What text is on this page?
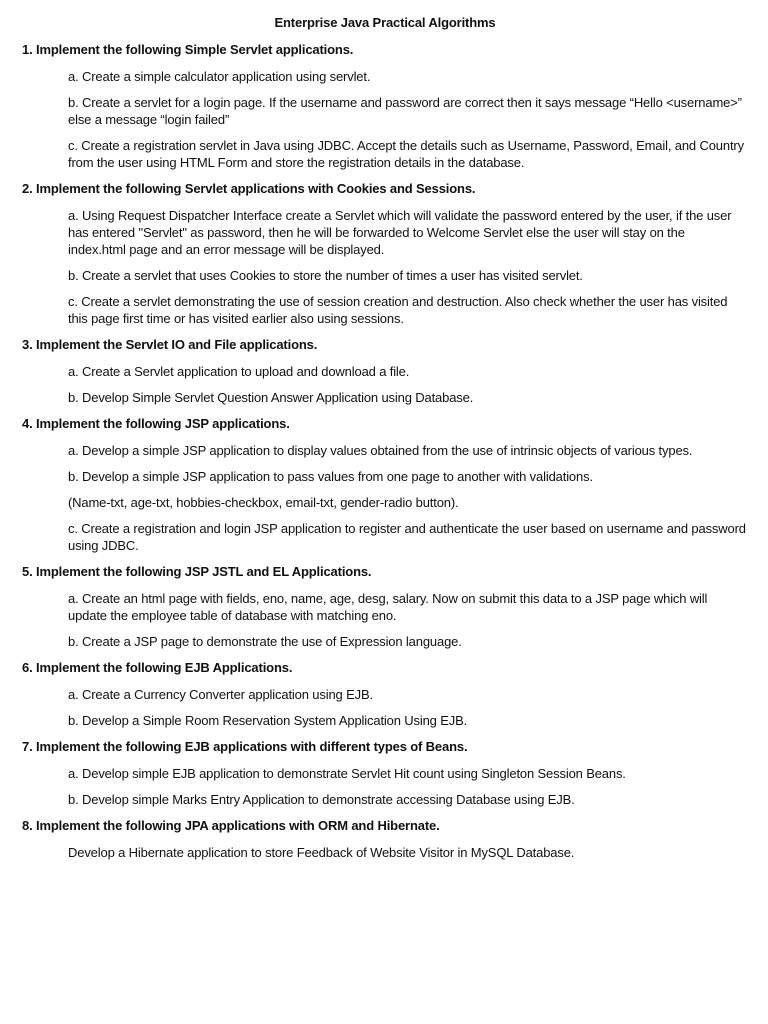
Enterprise Java Practical Algorithms
1. Implement the following Simple Servlet applications.
a. Create a simple calculator application using servlet.
b. Create a servlet for a login page. If the username and password are correct then it says message “Hello <username>” else a message “login failed”
c. Create a registration servlet in Java using JDBC. Accept the details such as Username, Password, Email, and Country from the user using HTML Form and store the registration details in the database.
2. Implement the following Servlet applications with Cookies and Sessions.
a. Using Request Dispatcher Interface create a Servlet which will validate the password entered by the user, if the user has entered "Servlet" as password, then he will be forwarded to Welcome Servlet else the user will stay on the index.html page and an error message will be displayed.
b. Create a servlet that uses Cookies to store the number of times a user has visited servlet.
c. Create a servlet demonstrating the use of session creation and destruction. Also check whether the user has visited this page first time or has visited earlier also using sessions.
3. Implement the Servlet IO and File applications.
a. Create a Servlet application to upload and download a file.
b. Develop Simple Servlet Question Answer Application using Database.
4. Implement the following JSP applications.
a. Develop a simple JSP application to display values obtained from the use of intrinsic objects of various types.
b. Develop a simple JSP application to pass values from one page to another with validations.
(Name-txt, age-txt, hobbies-checkbox, email-txt, gender-radio button).
c. Create a registration and login JSP application to register and authenticate the user based on username and password using JDBC.
5. Implement the following JSP JSTL and EL Applications.
a. Create an html page with fields, eno, name, age, desg, salary. Now on submit this data to a JSP page which will update the employee table of database with matching eno.
b. Create a JSP page to demonstrate the use of Expression language.
6. Implement the following EJB Applications.
a. Create a Currency Converter application using EJB.
b. Develop a Simple Room Reservation System Application Using EJB.
7. Implement the following EJB applications with different types of Beans.
a. Develop simple EJB application to demonstrate Servlet Hit count using Singleton Session Beans.
b. Develop simple Marks Entry Application to demonstrate accessing Database using EJB.
8. Implement the following JPA applications with ORM and Hibernate.
Develop a Hibernate application to store Feedback of Website Visitor in MySQL Database.
